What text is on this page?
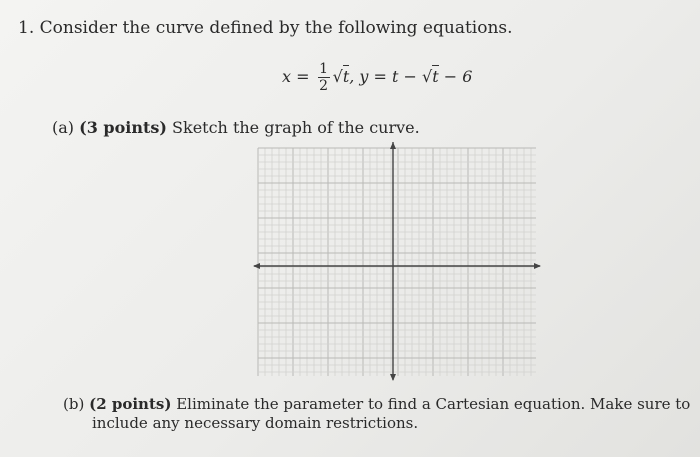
1. Consider the curve defined by the following equations.
$x = \frac{1}{2} √t$, y = t − √t − 6
(a) (3 points) Sketch the graph of the curve.
(b) (2 points) Eliminate the parameter to find a Cartesian equation. Make sure to
include any necessary domain restrictions.
